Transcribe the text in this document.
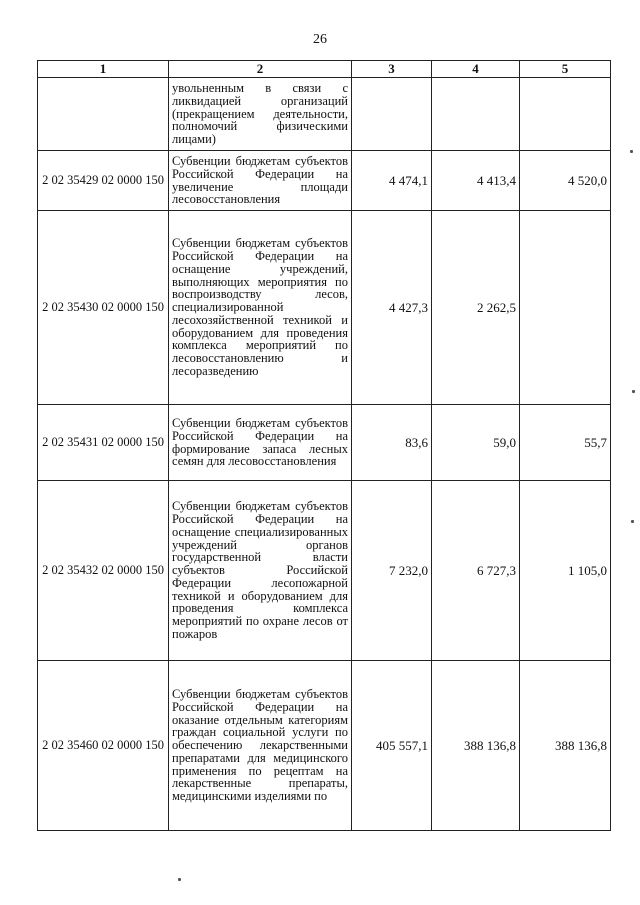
26
1	2	3	4	5
	увольненным в связи с ликвидацией организаций (прекращением деятельности, полномочий физическими лицами)			
2 02 35429 02 0000 150	Субвенции бюджетам субъектов Российской Федерации на увеличение площади лесовосстановления	4 474,1	4 413,4	4 520,0
2 02 35430 02 0000 150	Субвенции бюджетам субъектов Российской Федерации на оснащение учреждений, выполняющих мероприятия по воспроизводству лесов, специализированной лесохозяйственной техникой и оборудованием для проведения комплекса мероприятий по лесовосстановлению и лесоразведению	4 427,3	2 262,5	
2 02 35431 02 0000 150	Субвенции бюджетам субъектов Российской Федерации на формирование запаса лесных семян для лесовосстановления	83,6	59,0	55,7
2 02 35432 02 0000 150	Субвенции бюджетам субъектов Российской Федерации на оснащение специализированных учреждений органов государственной власти субъектов Российской Федерации лесопожарной техникой и оборудованием для проведения комплекса мероприятий по охране лесов от пожаров	7 232,0	6 727,3	1 105,0
2 02 35460 02 0000 150	Субвенции бюджетам субъектов Российской Федерации на оказание отдельным категориям граждан социальной услуги по обеспечению лекарственными препаратами для медицинского применения по рецептам на лекарственные препараты, медицинскими изделиями по	405 557,1	388 136,8	388 136,8
